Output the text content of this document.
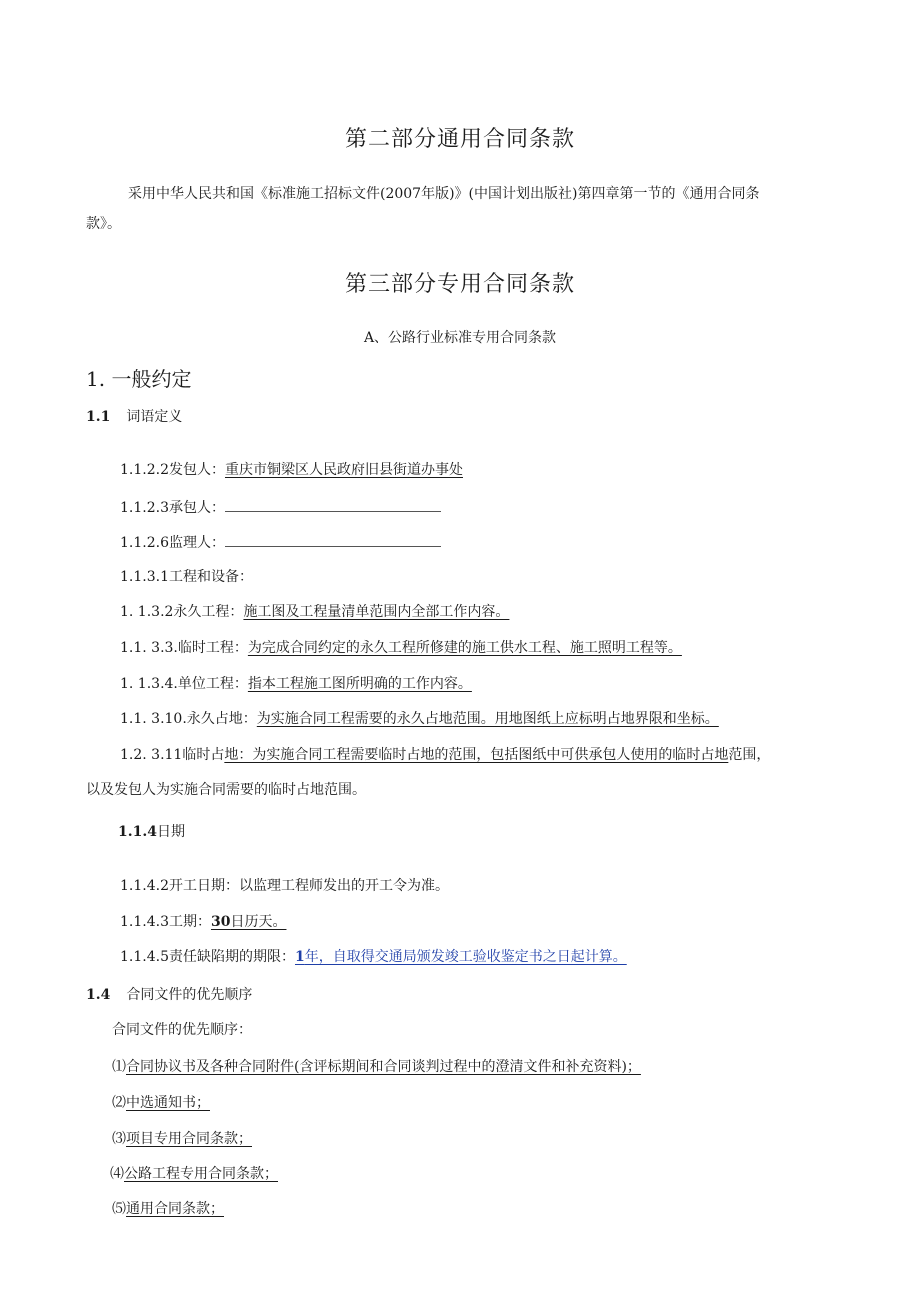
第二部分通用合同条款
采用中华人民共和国《标准施工招标文件(2007年版)》(中国计划出版社)第四章第一节的《通用合同条
款》。
第三部分专用合同条款
A、公路行业标准专用合同条款
1. 一般约定
1.1 词语定义
1.1.2.2发包人：重庆市铜梁区人民政府旧县街道办事处
1.1.2.3承包人：
1.1.2.6监理人：
1.1.3.1工程和设备：
1. 1.3.2永久工程：施工图及工程量清单范围内全部工作内容。
1.1. 3.3.临时工程：为完成合同约定的永久工程所修建的施工供水工程、施工照明工程等。
1. 1.3.4.单位工程：指本工程施工图所明确的工作内容。
1.1. 3.10.永久占地：为实施合同工程需要的永久占地范围。用地图纸上应标明占地界限和坐标。
1.2. 3.11临时占地：为实施合同工程需要临时占地的范围，包括图纸中可供承包人使用的临时占地范围，
以及发包人为实施合同需要的临时占地范围。
1.1.4日期
1.1.4.2开工日期：以监理工程师发出的开工令为准。
1.1.4.3工期：30日历天。
1.1.4.5责任缺陷期的期限：1年，自取得交通局颁发竣工验收鉴定书之日起计算。
1.4 合同文件的优先顺序
合同文件的优先顺序：
⑴合同协议书及各种合同附件(含评标期间和合同谈判过程中的澄清文件和补充资料)；
⑵中选通知书；
⑶项目专用合同条款；
⑷公路工程专用合同条款；
⑸通用合同条款；
